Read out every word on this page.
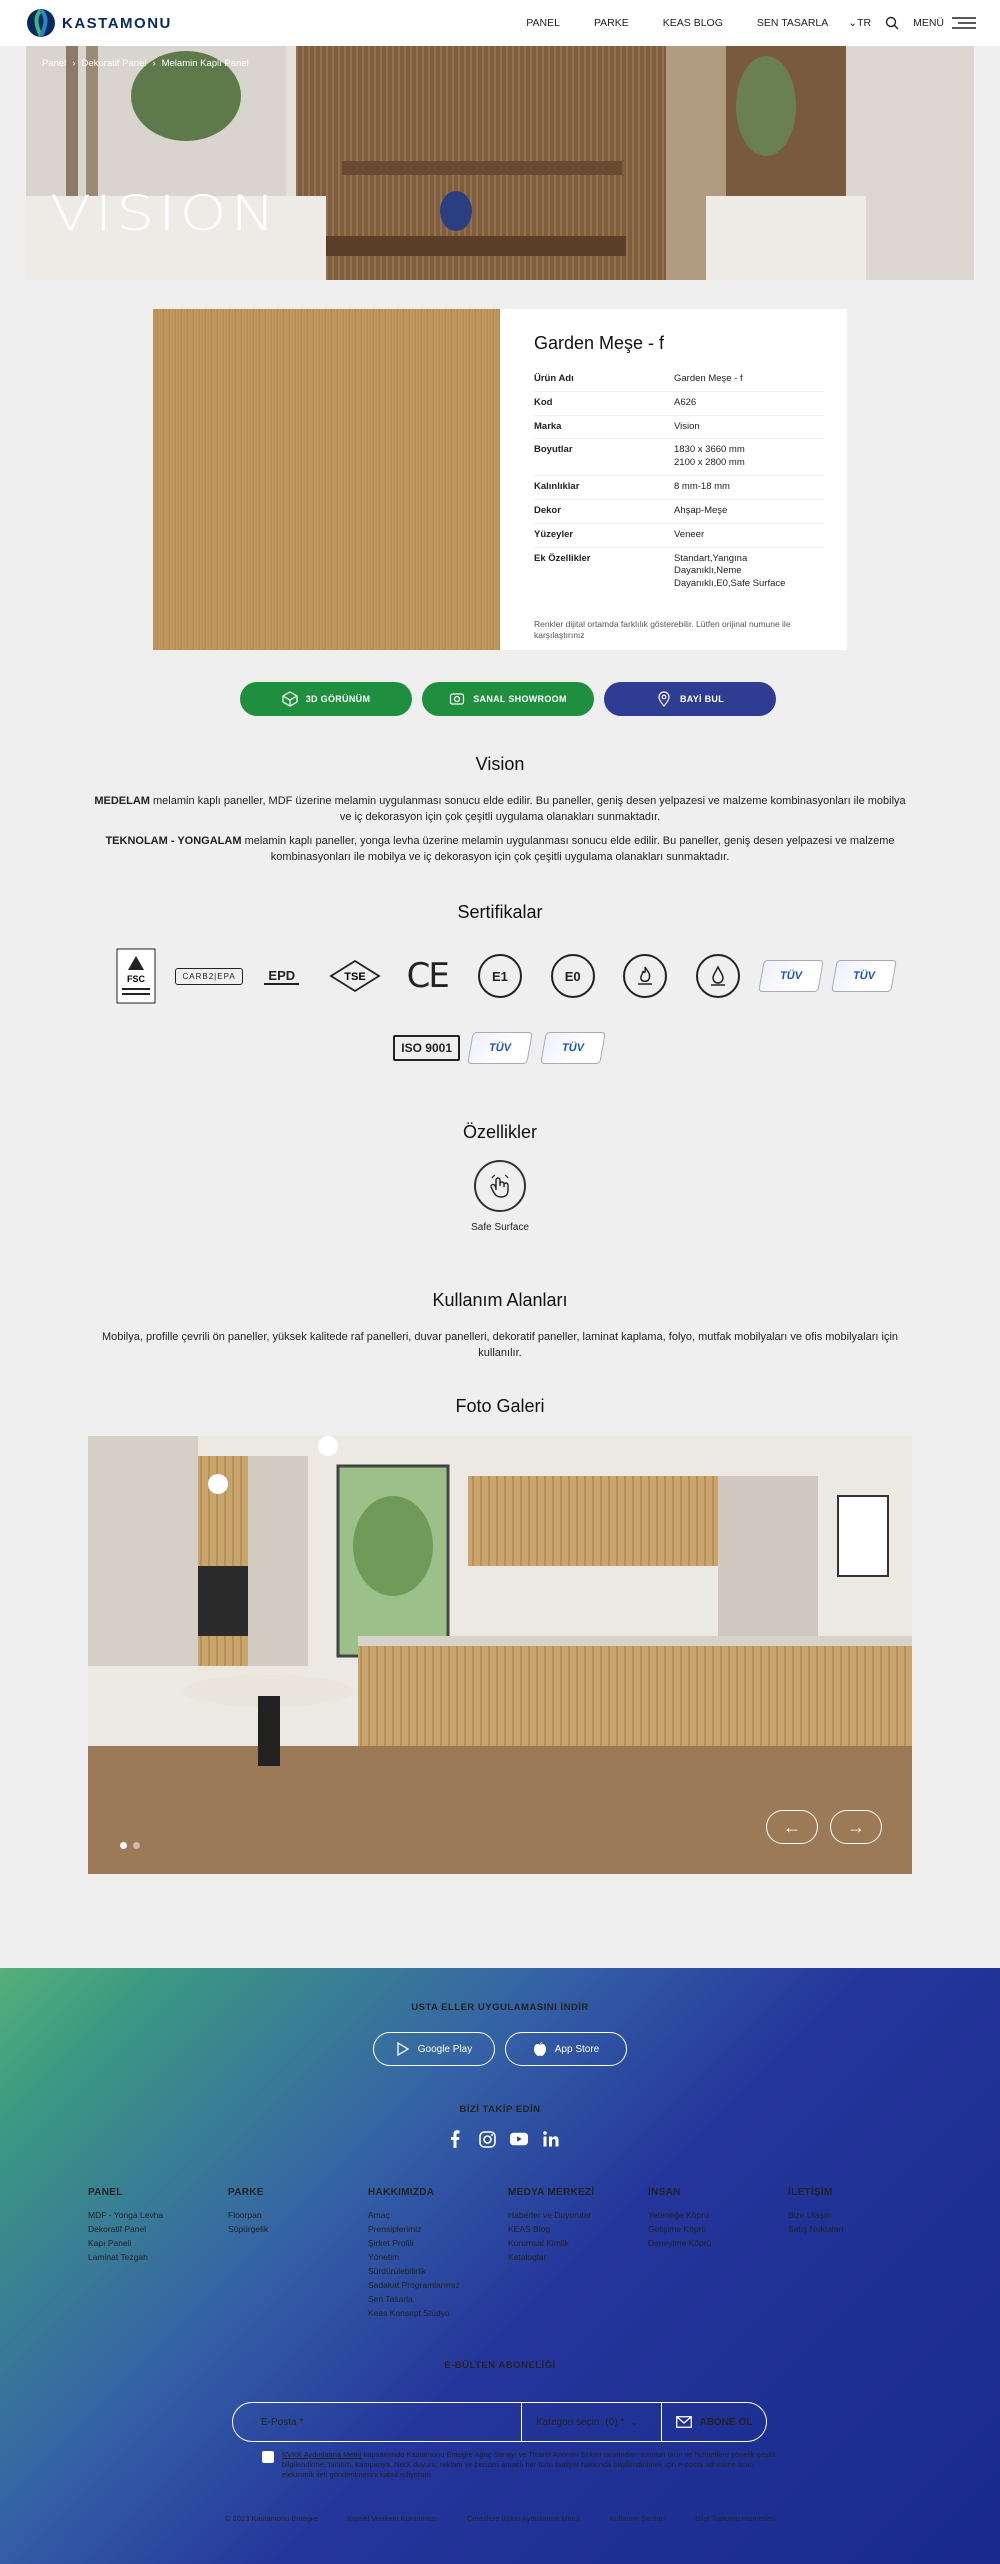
KASTAMONU	PANEL	PARKE	KEAS BLOG	SEN TASARLA ⌄TR	MENÜ
Panel › Dekoratif Panel › Melamin Kaplı Panel
VISION
Garden Meşe - f
Ürün Adı	Garden Meşe - f
Kod	A626
Marka	Vision
Boyutlar	1830 x 3660 mm
2100 x 2800 mm
Kalınlıklar	8 mm-18 mm
Dekor	Ahşap-Meşe
Yüzeyler	Veneer
Ek Özellikler	Standart,Yangına
Dayanıklı,Neme
Dayanıklı,E0,Safe Surface
Renkler dijital ortamda farklılık gösterebilir. Lütfen orijinal numune ile karşılaştırınız
3D GÖRÜNÜM	SANAL SHOWROOM	BAYİ BUL
Vision
MEDELAM melamin kaplı paneller, MDF üzerine melamin uygulanması sonucu elde edilir. Bu paneller, geniş desen yelpazesi ve malzeme kombinasyonları ile mobilya ve iç dekorasyon için çok çeşitli uygulama olanakları sunmaktadır.
TEKNOLAM - YONGALAM melamin kaplı paneller, yonga levha üzerine melamin uygulanması sonucu elde edilir. Bu paneller, geniş desen yelpazesi ve malzeme kombinasyonları ile mobilya ve iç dekorasyon için çok çeşitli uygulama olanakları sunmaktadır.
Sertifikalar
FSC	CARB2|EPA	EPD	TSE CE	E1	E0	TÜV	TÜV
ISO 9001	TÜV	TÜV
Özellikler
Safe Surface
Kullanım Alanları
Mobilya, profille çevrili ön paneller, yüksek kalitede raf panelleri, duvar panelleri, dekoratif paneller, laminat kaplama, folyo, mutfak mobilyaları ve ofis mobilyaları için kullanılır.
Foto Galeri
←	→
USTA ELLER UYGULAMASINI İNDİR
Google Play	App Store
BİZİ TAKİP EDİN
PANEL
MDF - Yonga Levha
Dekoratif Panel
Kapı Paneli
Laminat Tezgah
PARKE
Floorpan
Süpürgelik
HAKKIMIZDA
Amaç
Prensiplerimiz
Şirket Profili
Yönetim
Sürdürülebilirlik
Sadakat Programlarımız
Sen Tasarla
Keas Konsept Stüdyo
MEDYA MERKEZİ
Haberler ve Duyurular
KEAS Blog
Kurumsal Kimlik
Kataloglar
İNSAN
Yeteneğe Köprü
Gelişime Köprü
Deneyime Köprü
İLETİŞİM
Bize Ulaşın
Satış Noktaları
E-BÜLTEN ABONELİĞİ
E-Posta *	Kategori seçin (0) * ⌄	ABONE OL
KVKK Aydınlatma Metni kapsamında Kastamonu Entegre Ağaç Sanayi ve Ticaret Anonim Şirketi tarafından sunulan ürün ve hizmetlere yönelik çeşitli bilgilendirme, tanıtım, kampanya, NetX duyuru, reklam ve benzeri amaçlı her türlü faaliyet hakkında bilgilendirilmek için e-posta adresime ticari elektronik ileti gönderilmesini kabul ediyorum
© 2023 Kastamonu Entegre	Kişisel Verilerin Korunması	Çerezlere İlişkin Aydınlatma Metni	Kullanım Şartları	Bilgi Toplumu Hizmetleri
